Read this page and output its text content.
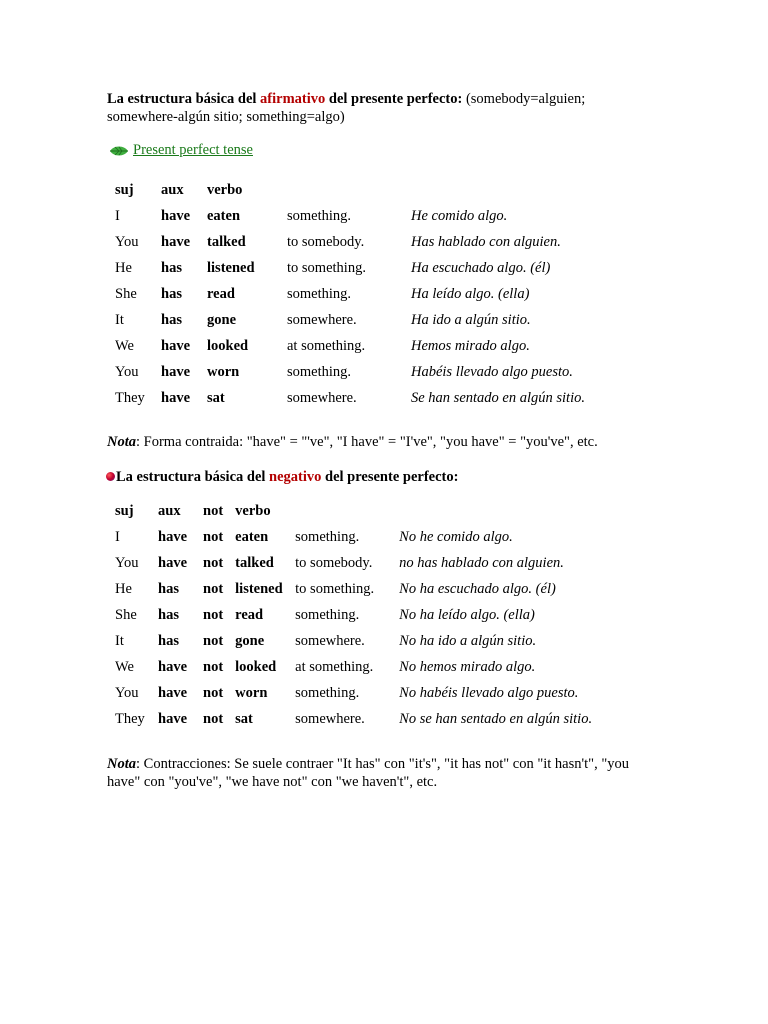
La estructura básica del afirmativo del presente perfecto: (somebody=alguien;
somewhere-algún sitio; something=algo)

Present perfect tense
suj	aux	verbo		
I	have	eaten	something.	He comido algo.
You	have	talked	to somebody.	Has hablado con alguien.
He	has	listened	to something.	Ha escuchado algo. (él)
She	has	read	something.	Ha leído algo. (ella)
It	has	gone	somewhere.	Ha ido a algún sitio.
We	have	looked	at something.	Hemos mirado algo.
You	have	worn	something.	Habéis llevado algo puesto.
They	have	sat	somewhere.	Se han sentado en algún sitio.

Nota: Forma contraida: "have" = "'ve", "I have" = "I've", "you have" = "you've", etc.

La estructura básica del negativo del presente perfecto:

suj	aux	not	verbo		
I	have	not	eaten	something.	No he comido algo.
You	have	not	talked	to somebody.	no has hablado con alguien.
He	has	not	listened	to something.	No ha escuchado algo. (él)
She	has	not	read	something.	No ha leído algo. (ella)
It	has	not	gone	somewhere.	No ha ido a algún sitio.
We	have	not	looked	at something.	No hemos mirado algo.
You	have	not	worn	something.	No habéis llevado algo puesto.
They	have	not	sat	somewhere.	No se han sentado en algún sitio.

Nota: Contracciones: Se suele contraer "It has" con "it's", "it has not" con "it hasn't", "you
have" con "you've", "we have not" con "we haven't", etc.
